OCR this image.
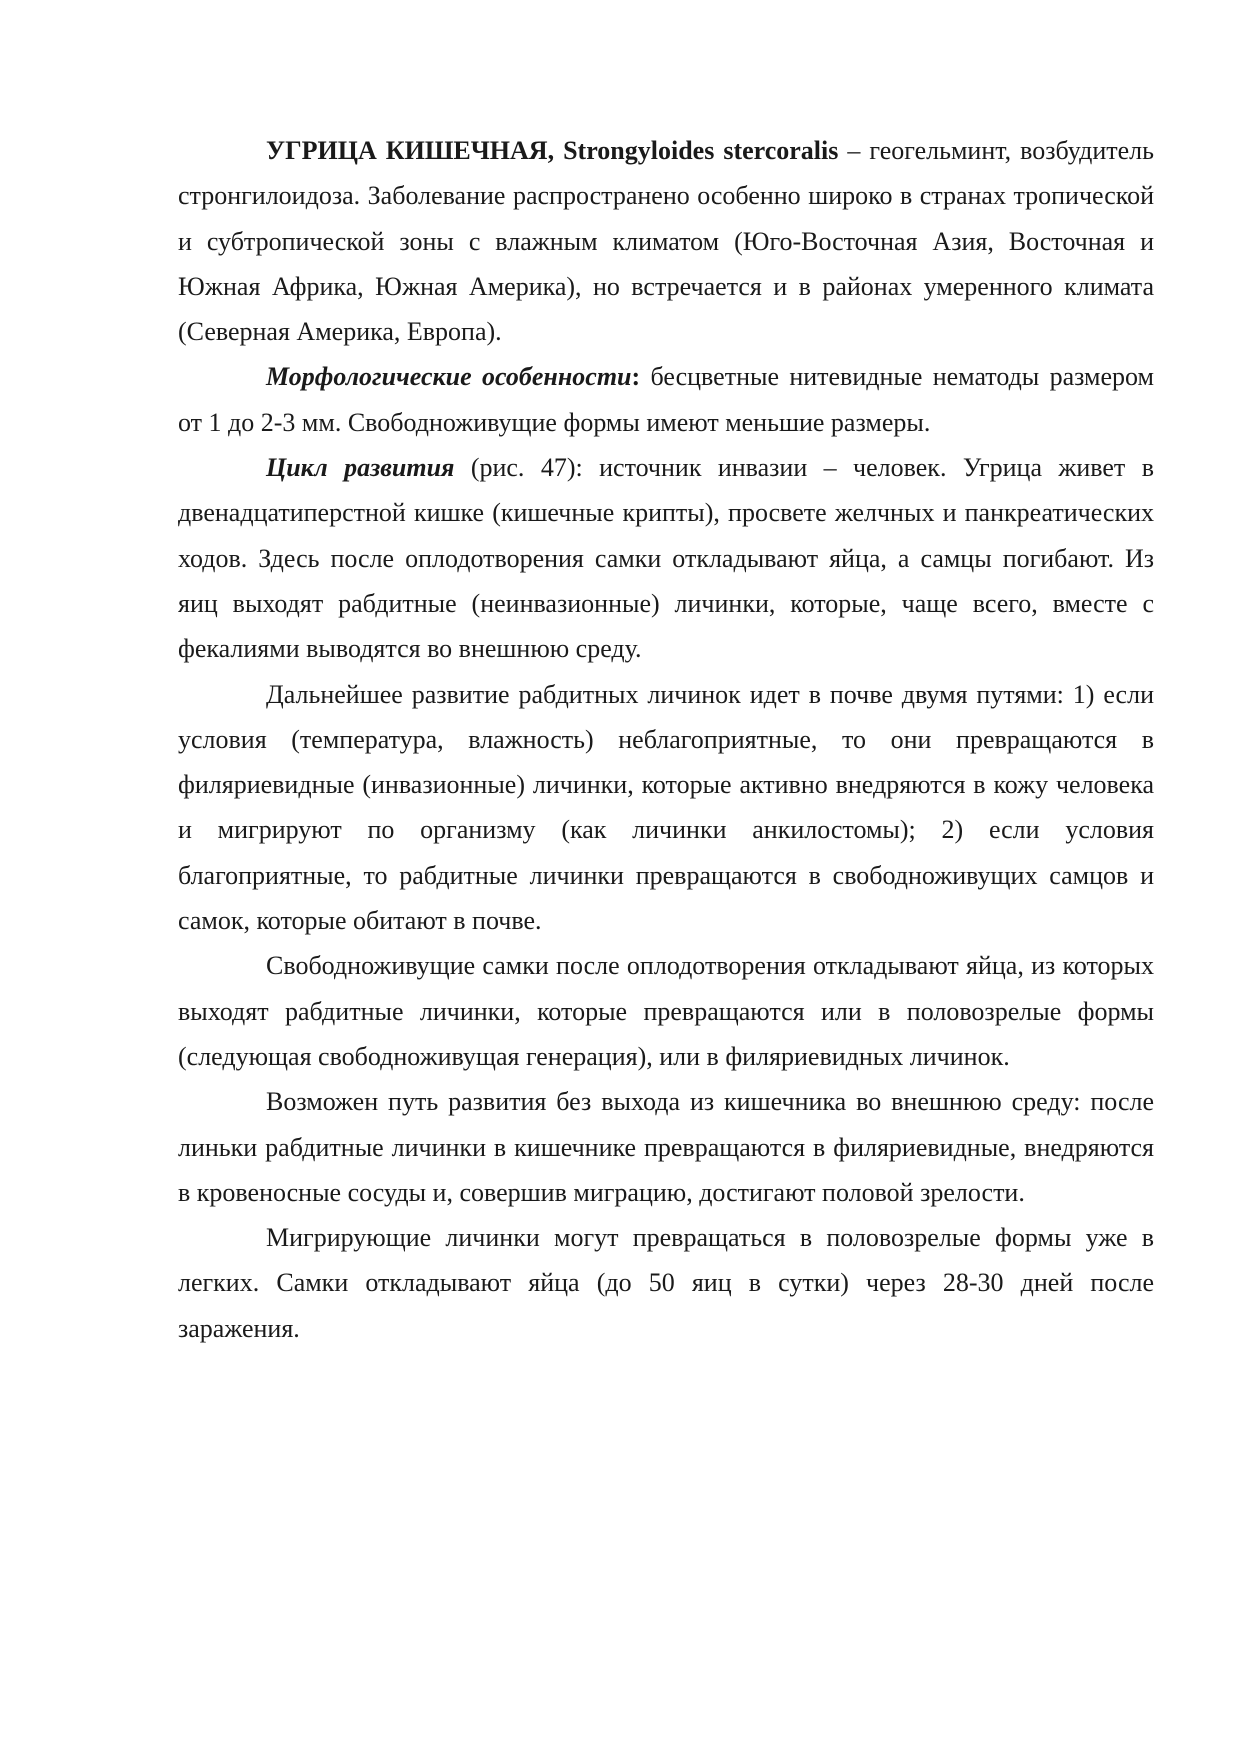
УГРИЦА КИШЕЧНАЯ, Strongyloides stercoralis – геогельминт, возбудитель стронгилоидоза. Заболевание распространено особенно широко в странах тропической и субтропической зоны с влажным климатом (Юго-Восточная Азия, Восточная и Южная Африка, Южная Америка), но встречается и в районах умеренного климата (Северная Америка, Европа).

Морфологические особенности: бесцветные нитевидные нематоды размером от 1 до 2-3 мм. Свободноживущие формы имеют меньшие размеры.

Цикл развития (рис. 47): источник инвазии – человек. Угрица живет в двенадцатиперстной кишке (кишечные крипты), просвете желчных и панкреатических ходов. Здесь после оплодотворения самки откладывают яйца, а самцы погибают. Из яиц выходят рабдитные (неинвазионные) личинки, которые, чаще всего, вместе с фекалиями выводятся во внешнюю среду.

Дальнейшее развитие рабдитных личинок идет в почве двумя путями: 1) если условия (температура, влажность) неблагоприятные, то они превращаются в филяриевидные (инвазионные) личинки, которые активно внедряются в кожу человека и мигрируют по организму (как личинки анкилостомы); 2) если условия благоприятные, то рабдитные личинки превращаются в свободноживущих самцов и самок, которые обитают в почве.

Свободноживущие самки после оплодотворения откладывают яйца, из которых выходят рабдитные личинки, которые превращаются или в половозрелые формы (следующая свободноживущая генерация), или в филяриевидных личинок.

Возможен путь развития без выхода из кишечника во внешнюю среду: после линьки рабдитные личинки в кишечнике превращаются в филяриевидные, внедряются в кровеносные сосуды и, совершив миграцию, достигают половой зрелости.

Мигрирующие личинки могут превращаться в половозрелые формы уже в легких. Самки откладывают яйца (до 50 яиц в сутки) через 28-30 дней после заражения.
